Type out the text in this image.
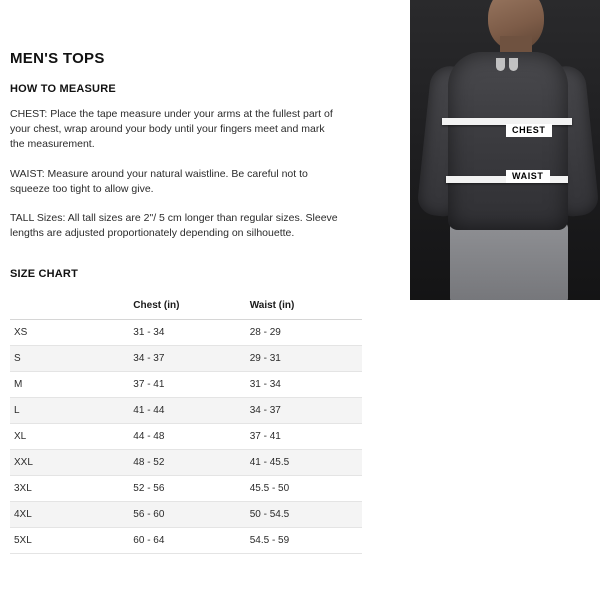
CHEST
WAIST
MEN'S TOPS
HOW TO MEASURE

CHEST: Place the tape measure under your arms at the fullest part of your chest, wrap around your body until your fingers meet and mark the measurement.

WAIST: Measure around your natural waistline. Be careful not to squeeze too tight to allow give.

TALL Sizes: All tall sizes are 2"/ 5 cm longer than regular sizes. Sleeve lengths are adjusted proportionately depending on silhouette.

SIZE CHART
	Chest (in)	Waist (in)
XS	31 - 34	28 - 29
S	34 - 37	29 - 31
M	37 - 41	31 - 34
L	41 - 44	34 - 37
XL	44 - 48	37 - 41
XXL	48 - 52	41 - 45.5
3XL	52 - 56	45.5 - 50
4XL	56 - 60	50 - 54.5
5XL	60 - 64	54.5 - 59
